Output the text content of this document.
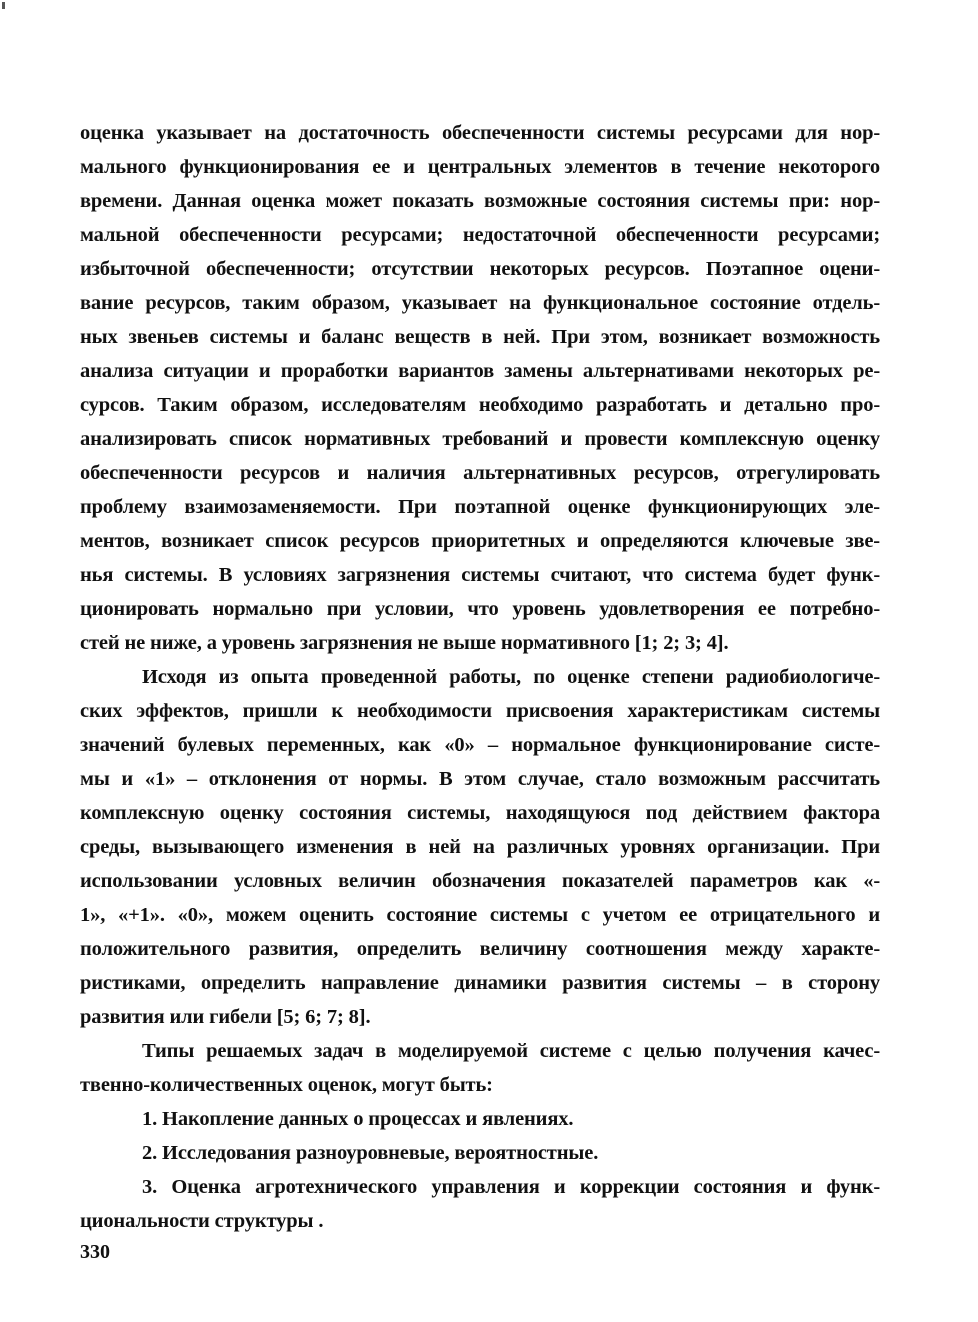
оценка указывает на достаточность обеспеченности системы ресурсами для нор-
мального функционирования ее и центральных элементов в течение некоторого
времени. Данная оценка может показать возможные состояния системы при: нор-
мальной обеспеченности ресурсами; недостаточной обеспеченности ресурсами;
избыточной обеспеченности; отсутствии некоторых ресурсов. Поэтапное оцени-
вание ресурсов, таким образом, указывает на функциональное состояние отдель-
ных звеньев системы и баланс веществ в ней. При этом, возникает возможность
анализа ситуации и проработки вариантов замены альтернативами некоторых ре-
сурсов. Таким образом, исследователям необходимо разработать и детально про-
анализировать список нормативных требований и провести комплексную оценку
обеспеченности ресурсов и наличия альтернативных ресурсов, отрегулировать
проблему взаимозаменяемости. При поэтапной оценке функционирующих эле-
ментов, возникает список ресурсов приоритетных и определяются ключевые зве-
нья системы. В условиях загрязнения системы считают, что система будет функ-
ционировать нормально при условии, что уровень удовлетворения ее потребно-
стей не ниже, а уровень загрязнения не выше нормативного [1; 2; 3; 4].
Исходя из опыта проведенной работы, по оценке степени радиобиологиче-
ских эффектов, пришли к необходимости присвоения характеристикам системы
значений булевых переменных, как «0» – нормальное функционирование систе-
мы и «1» – отклонения от нормы. В этом случае, стало возможным рассчитать
комплексную оценку состояния системы, находящуюся под действием фактора
среды, вызывающего изменения в ней на различных уровнях организации. При
использовании условных величин обозначения показателей параметров как «-
1», «+1». «0», можем оценить состояние системы с учетом ее отрицательного и
положительного развития, определить величину соотношения между характе-
ристиками, определить направление динамики развития системы – в сторону
развития или гибели [5; 6; 7; 8].
Типы решаемых задач в моделируемой системе с целью получения качес-
твенно-количественных оценок, могут быть:
1. Накопление данных о процессах и явлениях.
2. Исследования разноуровневые, вероятностные.
3. Оценка агротехнического управления и коррекции состояния и функ-
циональности структуры .
330
